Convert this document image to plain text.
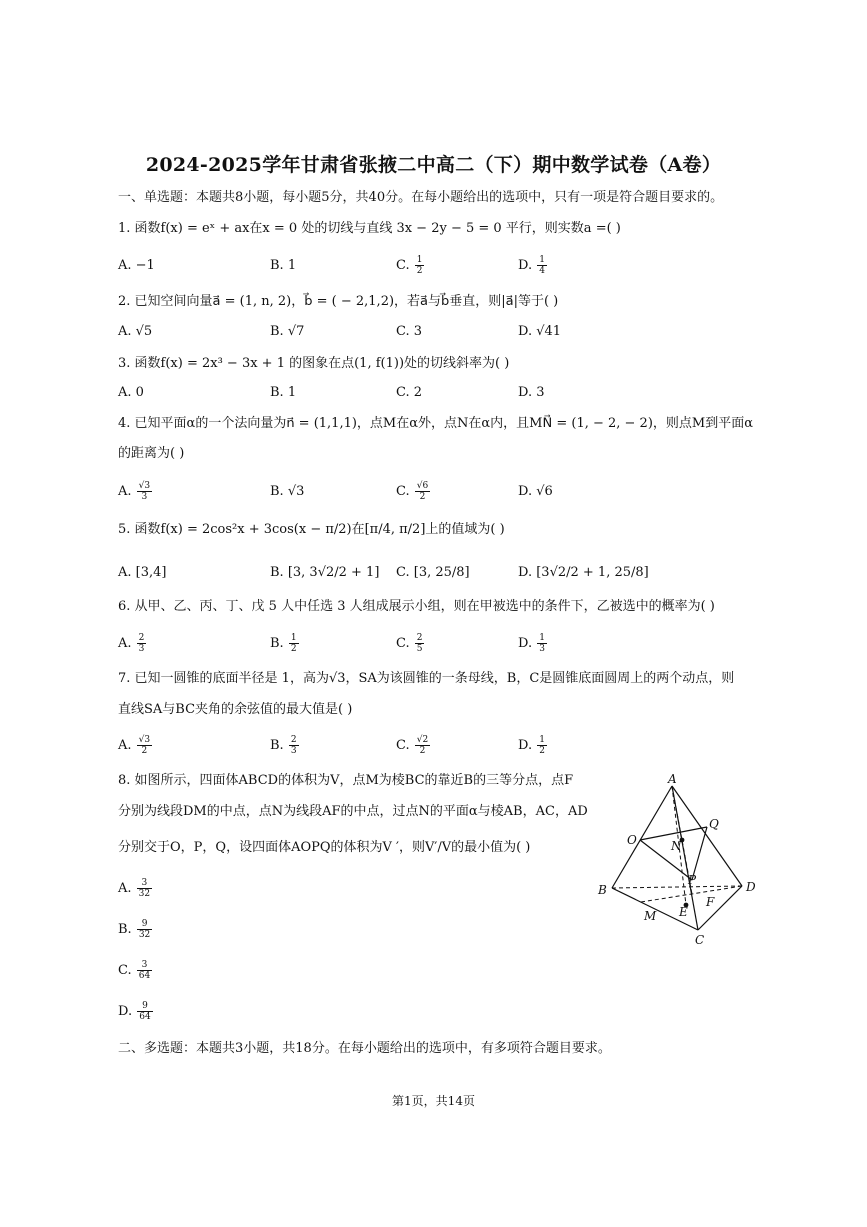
2024-2025学年甘肃省张掖二中高二（下）期中数学试卷（A卷）
一、单选题：本题共8小题，每小题5分，共40分。在每小题给出的选项中，只有一项是符合题目要求的。
1. 函数f(x) = eˣ + ax在x = 0 处的切线与直线 3x − 2y − 5 = 0 平行，则实数a =( )
A. −1	B. 1	C. $\frac{1}{2}$	D. $\frac{1}{4}$
2. 已知空间向量a⃗ = (1, n, 2)，b⃗ = ( − 2,1,2)，若a⃗与b⃗垂直，则|a⃗|等于( )
A. √5	B. √7	C. 3	D. √41
3. 函数f(x) = 2x³ − 3x + 1 的图象在点(1, f(1))处的切线斜率为( )
A. 0	B. 1	C. 2	D. 3
4. 已知平面α的一个法向量为n⃗ = (1,1,1)，点M在α外，点N在α内，且MN⃗ = (1, − 2, − 2)，则点M到平面α
的距离为( )
A. $\frac{√3}{3}$	B. √3	C. $\frac{√6}{2}$	D. √6
5. 函数f(x) = 2cos²x + 3cos(x − π/2)在[π/4, π/2]上的值域为( )
A. [3,4]	B. [3, 3√2/2 + 1] C. [3, 25/8]	D. [3√2/2 + 1, 25/8]
6. 从甲、乙、丙、丁、戊 5 人中任选 3 人组成展示小组，则在甲被选中的条件下，乙被选中的概率为( )
A. $\frac{2}{3}$	B. $\frac{1}{2}$	C. $\frac{2}{5}$	D. $\frac{1}{3}$
7. 已知一圆锥的底面半径是 1，高为√3，SA为该圆锥的一条母线，B，C是圆锥底面圆周上的两个动点，则
直线SA与BC夹角的余弦值的最大值是( )
A. $\frac{√3}{2}$	B. $\frac{2}{3}$	C. $\frac{√2}{2}$	D. $\frac{1}{2}$
8. 如图所示，四面体ABCD的体积为V，点M为棱BC的靠近B的三等分点，点F
分别为线段DM的中点，点N为线段AF的中点，过点N的平面α与棱AB，AC，AD
分别交于O，P，Q，设四面体AOPQ的体积为V ′，则V′/V的最小值为( )
A. $\frac{3}{32}$
B. $\frac{9}{32}$
C. $\frac{3}{64}$
D. $\frac{9}{64}$
A
Q
O	N
P
B	D
E
F
M
C
二、多选题：本题共3小题，共18分。在每小题给出的选项中，有多项符合题目要求。
第1页，共14页
